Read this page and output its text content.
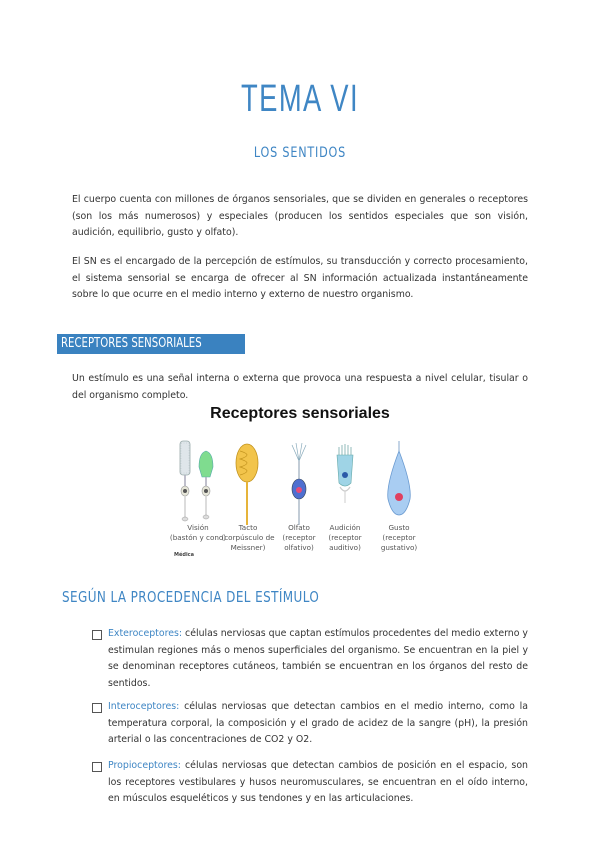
TEMA VI
LOS SENTIDOS
El cuerpo cuenta con millones de órganos sensoriales, que se dividen en generales o receptores (son los más numerosos) y especiales (producen los sentidos especiales que son visión, audición, equilibrio, gusto y olfato).
El SN es el encargado de la percepción de estímulos, su transducción y correcto procesamiento, el sistema sensorial se encarga de ofrecer al SN información actualizada instantáneamente sobre lo que ocurre en el medio interno y externo de nuestro organismo.
RECEPTORES SENSORIALES
Un estímulo es una señal interna o externa que provoca una respuesta a nivel celular, tisular o del organismo completo.
Receptores sensoriales
Visión
(bastón y cono)
Tacto
(corpúsculo de
Meissner)
Olfato
(receptor
olfativo)
Audición
(receptor
auditivo)
Gusto
(receptor
gustativo)
Médica
SEGÚN LA PROCEDENCIA DEL ESTÍMULO
Exteroceptores: células nerviosas que captan estímulos procedentes del medio externo y estimulan regiones más o menos superficiales del organismo. Se encuentran en la piel y se denominan receptores cutáneos, también se encuentran en los órganos del resto de sentidos.
Interoceptores: células nerviosas que detectan cambios en el medio interno, como la temperatura corporal, la composición y el grado de acidez de la sangre (pH), la presión arterial o las concentraciones de CO2 y O2.
Propioceptores: células nerviosas que detectan cambios de posición en el espacio, son los receptores vestibulares y husos neuromusculares, se encuentran en el oído interno, en músculos esqueléticos y sus tendones y en las articulaciones.
